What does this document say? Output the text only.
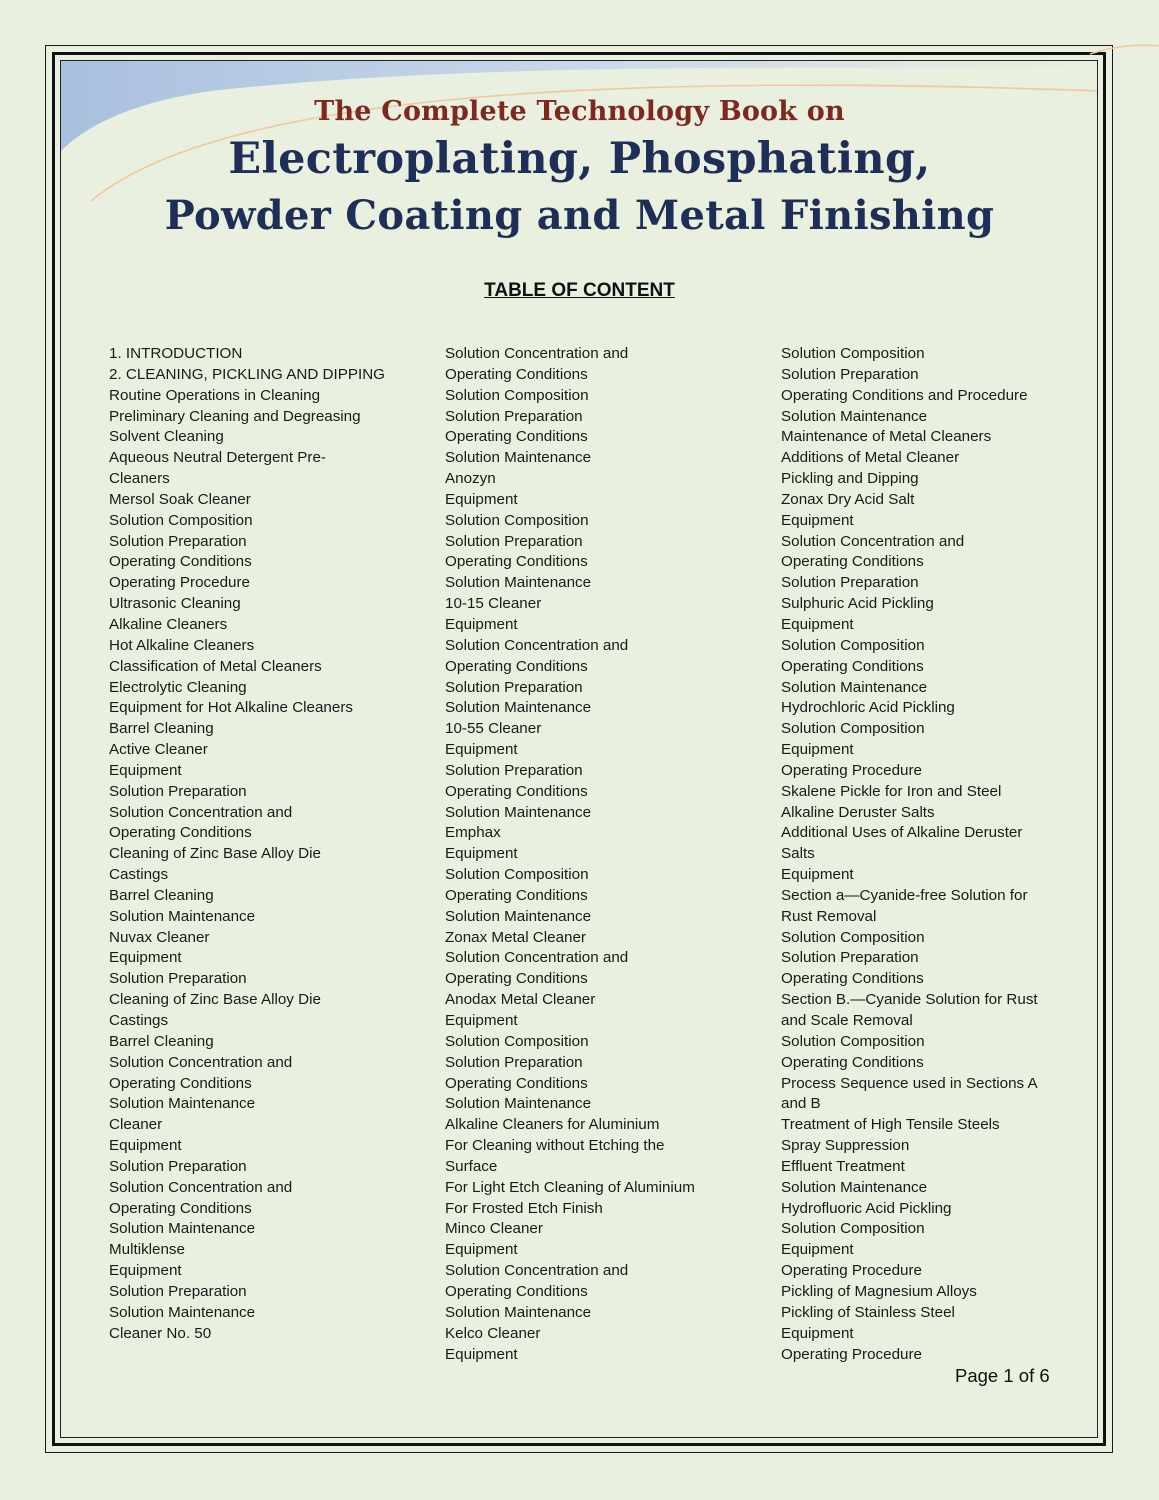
The Complete Technology Book on
Electroplating, Phosphating,
Powder Coating and Metal Finishing
TABLE OF CONTENT
1. INTRODUCTION
2. CLEANING, PICKLING AND DIPPING
Routine Operations in Cleaning
Preliminary Cleaning and Degreasing
Solvent Cleaning
Aqueous Neutral Detergent Pre-
Cleaners
Mersol Soak Cleaner
Solution Composition
Solution Preparation
Operating Conditions
Operating Procedure
Ultrasonic Cleaning
Alkaline Cleaners
Hot Alkaline Cleaners
Classification of Metal Cleaners
Electrolytic Cleaning
Equipment for Hot Alkaline Cleaners
Barrel Cleaning
Active Cleaner
Equipment
Solution Preparation
Solution Concentration and
Operating Conditions
Cleaning of Zinc Base Alloy Die
Castings
Barrel Cleaning
Solution Maintenance
Nuvax Cleaner
Equipment
Solution Preparation
Cleaning of Zinc Base Alloy Die
Castings
Barrel Cleaning
Solution Concentration and
Operating Conditions
Solution Maintenance
Cleaner
Equipment
Solution Preparation
Solution Concentration and
Operating Conditions
Solution Maintenance
Multiklense
Equipment
Solution Preparation
Solution Maintenance
Cleaner No. 50
Solution Concentration and
Operating Conditions
Solution Composition
Solution Preparation
Operating Conditions
Solution Maintenance
Anozyn
Equipment
Solution Composition
Solution Preparation
Operating Conditions
Solution Maintenance
10-15 Cleaner
Equipment
Solution Concentration and
Operating Conditions
Solution Preparation
Solution Maintenance
10-55 Cleaner
Equipment
Solution Preparation
Operating Conditions
Solution Maintenance
Emphax
Equipment
Solution Composition
Operating Conditions
Solution Maintenance
Zonax Metal Cleaner
Solution Concentration and
Operating Conditions
Anodax Metal Cleaner
Equipment
Solution Composition
Solution Preparation
Operating Conditions
Solution Maintenance
Alkaline Cleaners for Aluminium
For Cleaning without Etching the
Surface
For Light Etch Cleaning of Aluminium
For Frosted Etch Finish
Minco Cleaner
Equipment
Solution Concentration and
Operating Conditions
Solution Maintenance
Kelco Cleaner
Equipment
Solution Composition
Solution Preparation
Operating Conditions and Procedure
Solution Maintenance
Maintenance of Metal Cleaners
Additions of Metal Cleaner
Pickling and Dipping
Zonax Dry Acid Salt
Equipment
Solution Concentration and
Operating Conditions
Solution Preparation
Sulphuric Acid Pickling
Equipment
Solution Composition
Operating Conditions
Solution Maintenance
Hydrochloric Acid Pickling
Solution Composition
Equipment
Operating Procedure
Skalene Pickle for Iron and Steel
Alkaline Deruster Salts
Additional Uses of Alkaline Deruster
Salts
Equipment
Section a—Cyanide-free Solution for
Rust Removal
Solution Composition
Solution Preparation
Operating Conditions
Section B.—Cyanide Solution for Rust
and Scale Removal
Solution Composition
Operating Conditions
Process Sequence used in Sections A
and B
Treatment of High Tensile Steels
Spray Suppression
Effluent Treatment
Solution Maintenance
Hydrofluoric Acid Pickling
Solution Composition
Equipment
Operating Procedure
Pickling of Magnesium Alloys
Pickling of Stainless Steel
Equipment
Operating Procedure
Page 1 of 6
